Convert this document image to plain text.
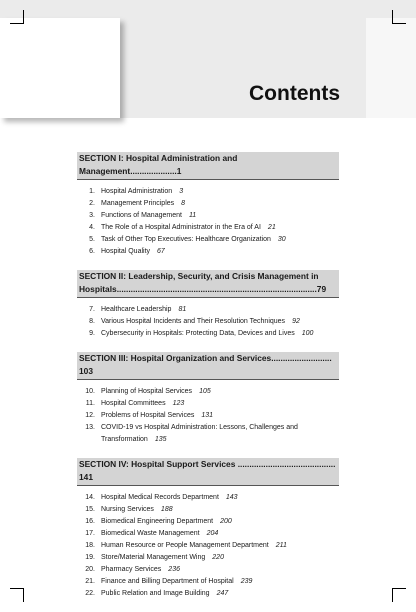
Contents
SECTION I: Hospital Administration and Management....................1
1. Hospital Administration 3
2. Management Principles 8
3. Functions of Management 11
4. The Role of a Hospital Administrator in the Era of AI 21
5. Task of Other Top Executives: Healthcare Organization 30
6. Hospital Quality 67
SECTION II: Leadership, Security, and Crisis Management in Hospitals......................................................................................79
7. Healthcare Leadership 81
8. Various Hospital Incidents and Their Resolution Techniques 92
9. Cybersecurity in Hospitals: Protecting Data, Devices and Lives 100
SECTION III: Hospital Organization and Services.......................... 103
10. Planning of Hospital Services 105
11. Hospital Committees 123
12. Problems of Hospital Services 131
13. COVID-19 vs Hospital Administration: Lessons, Challenges and Transformation 135
SECTION IV: Hospital Support Services .......................................... 141
14. Hospital Medical Records Department 143
15. Nursing Services 188
16. Biomedical Engineering Department 200
17. Biomedical Waste Management 204
18. Human Resource or People Management Department 211
19. Store/Material Management Wing 220
20. Pharmacy Services 236
21. Finance and Billing Department of Hospital 239
22. Public Relation and Image Building 247
